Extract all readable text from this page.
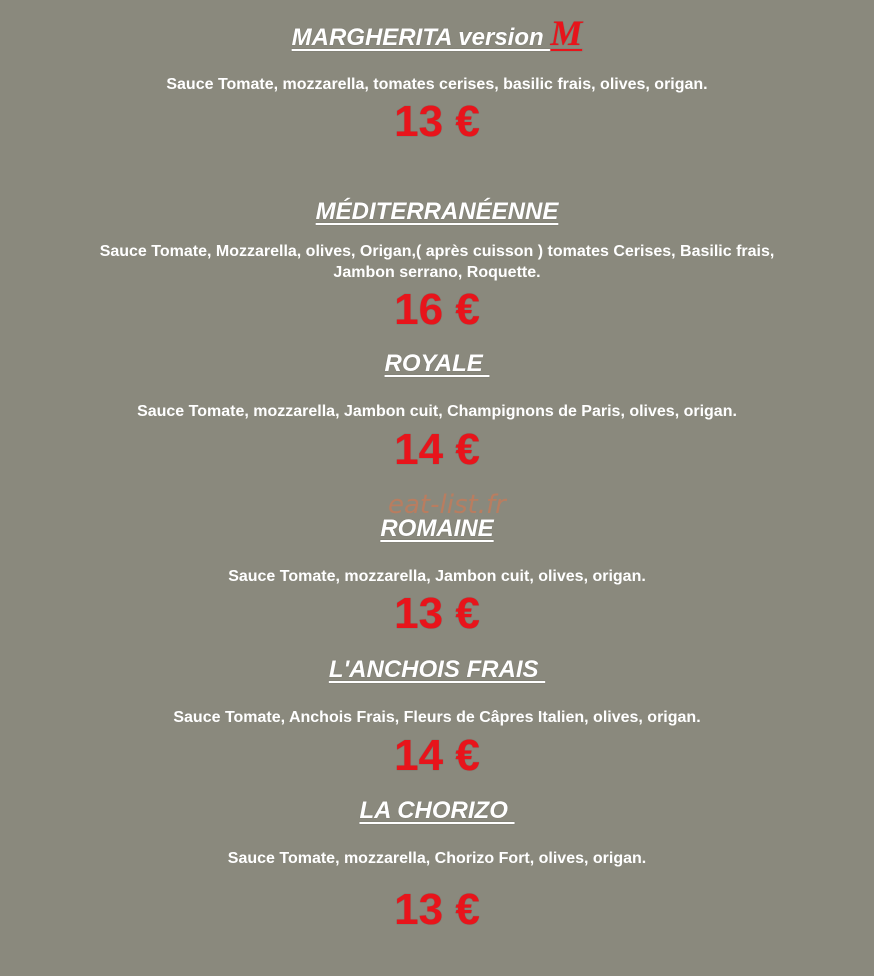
MARGHERITA version M
Sauce Tomate, mozzarella, tomates cerises, basilic frais, olives, origan.
13 €
MÉDITERRANÉENNE
Sauce Tomate, Mozzarella, olives, Origan,( après cuisson ) tomates Cerises, Basilic frais,
Jambon serrano, Roquette.
16 €
ROYALE
Sauce Tomate, mozzarella, Jambon cuit, Champignons de Paris, olives, origan.
14 €
eat-list.fr
ROMAINE
Sauce Tomate, mozzarella, Jambon cuit, olives, origan.
13 €
L'ANCHOIS FRAIS
Sauce Tomate, Anchois Frais, Fleurs de Câpres Italien, olives, origan.
14 €
LA CHORIZO
Sauce Tomate, mozzarella, Chorizo Fort, olives, origan.
13 €
